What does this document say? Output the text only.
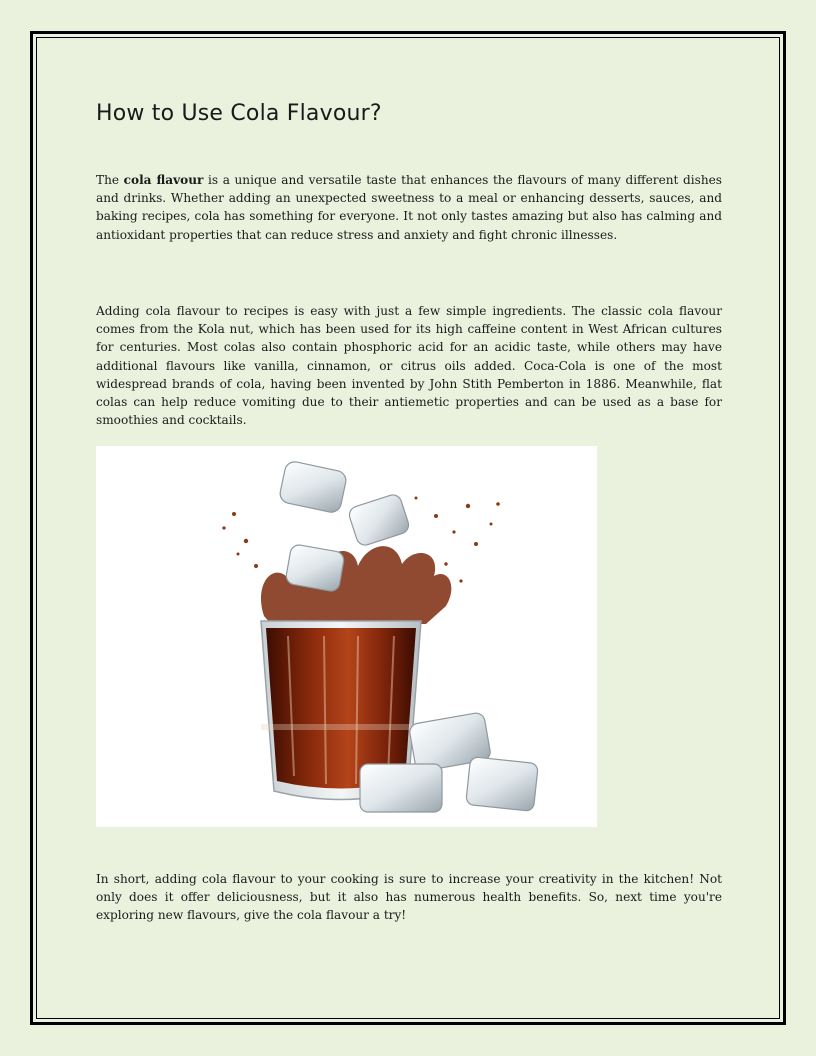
How to Use Cola Flavour?

The cola flavour is a unique and versatile taste that enhances the flavours of many different dishes and drinks. Whether adding an unexpected sweetness to a meal or enhancing desserts, sauces, and baking recipes, cola has something for everyone. It not only tastes amazing but also has calming and antioxidant properties that can reduce stress and anxiety and fight chronic illnesses.

Adding cola flavour to recipes is easy with just a few simple ingredients. The classic cola flavour comes from the Kola nut, which has been used for its high caffeine content in West African cultures for centuries. Most colas also contain phosphoric acid for an acidic taste, while others may have additional flavours like vanilla, cinnamon, or citrus oils added. Coca-Cola is one of the most widespread brands of cola, having been invented by John Stith Pemberton in 1886. Meanwhile, flat colas can help reduce vomiting due to their antiemetic properties and can be used as a base for smoothies and cocktails.

In short, adding cola flavour to your cooking is sure to increase your creativity in the kitchen! Not only does it offer deliciousness, but it also has numerous health benefits. So, next time you're exploring new flavours, give the cola flavour a try!
